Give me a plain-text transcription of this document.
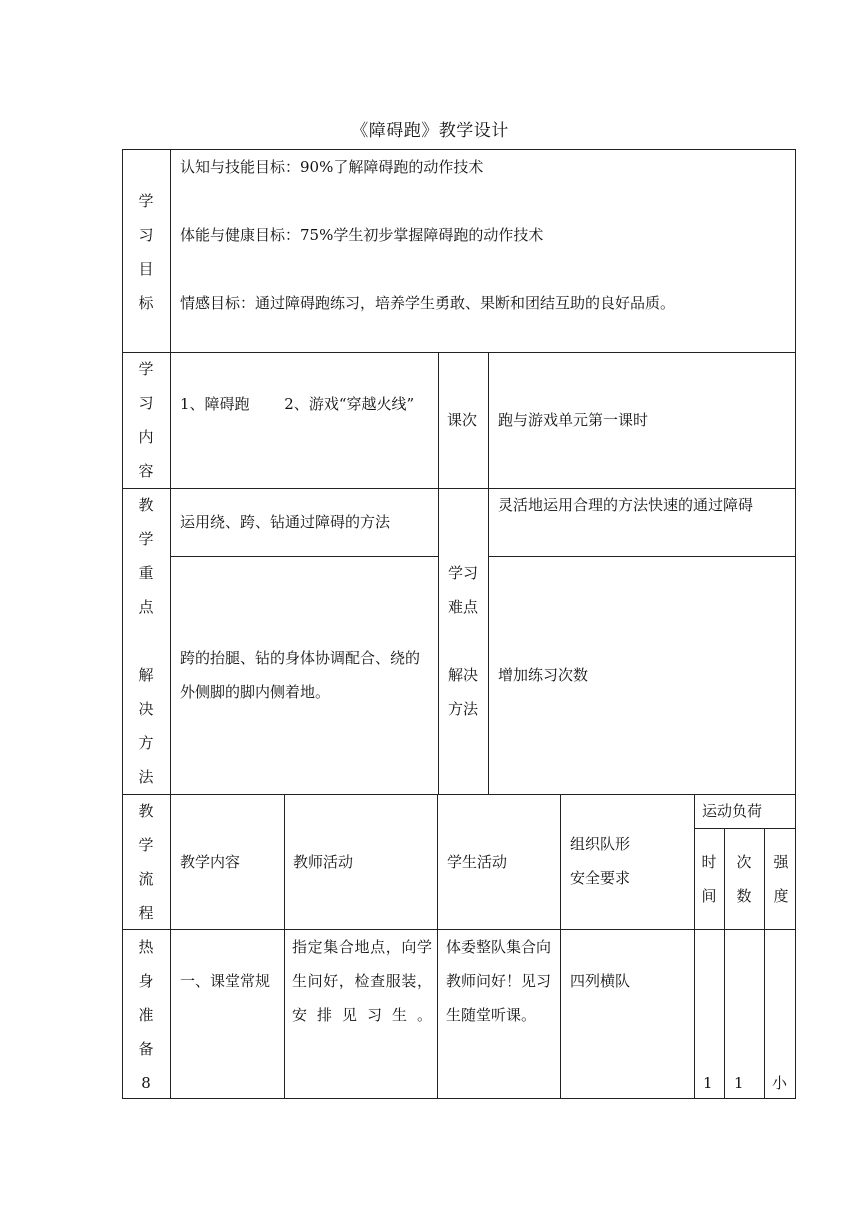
《障碍跑》教学设计
学习目标
认知与技能目标：90%了解障碍跑的动作技术
体能与健康目标：75%学生初步掌握障碍跑的动作技术
情感目标：通过障碍跑练习，培养学生勇敢、果断和团结互助的良好品质。
学习内容
1、障碍跑　　 2、游戏“穿越火线”
课次 跑与游戏单元第一课时
教学重点
解决方法
运用绕、跨、钻通过障碍的方法
学习难点
解决方法
灵活地运用合理的方法快速的通过障碍
跨的抬腿、钻的身体协调配合、绕的外侧脚的脚内侧着地。
增加练习次数
教学流程
教学内容	教师活动	学生活动
组织队形
安全要求
运动负荷
时间
次数
强度
热身准备8
一、课堂常规
指定集合地点，向学生问好，检查服装，安排见习生。
体委整队集合向教师问好！见习生随堂听课。
四列横队
1 1 小
